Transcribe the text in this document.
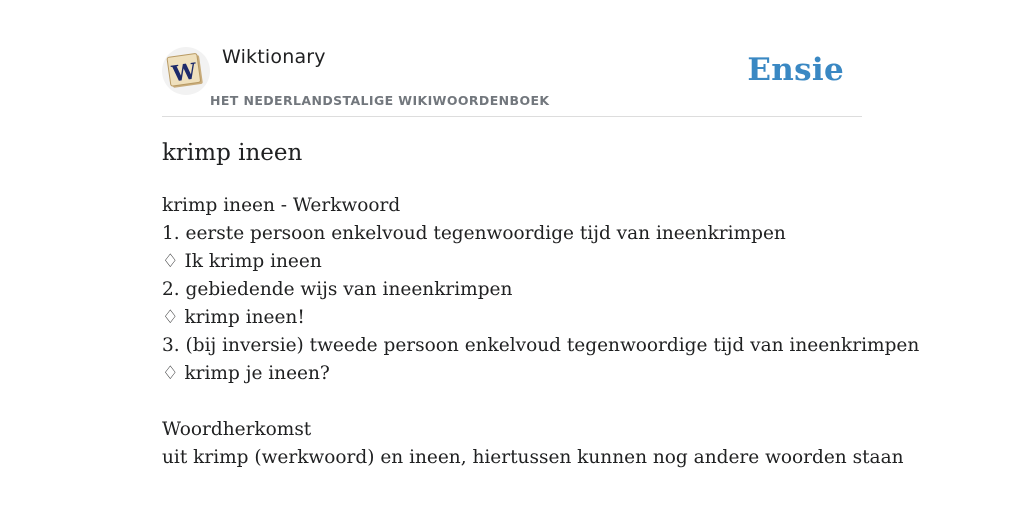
W
Wiktionary
HET NEDERLANDSTALIGE WIKIWOORDENBOEK
Ensie
krimp ineen
krimp ineen - Werkwoord
1. eerste persoon enkelvoud tegenwoordige tijd van ineenkrimpen
♢ Ik krimp ineen
2. gebiedende wijs van ineenkrimpen
♢ krimp ineen!
3. (bij inversie) tweede persoon enkelvoud tegenwoordige tijd van ineenkrimpen
♢ krimp je ineen?
Woordherkomst
uit krimp (werkwoord) en ineen, hiertussen kunnen nog andere woorden staan
